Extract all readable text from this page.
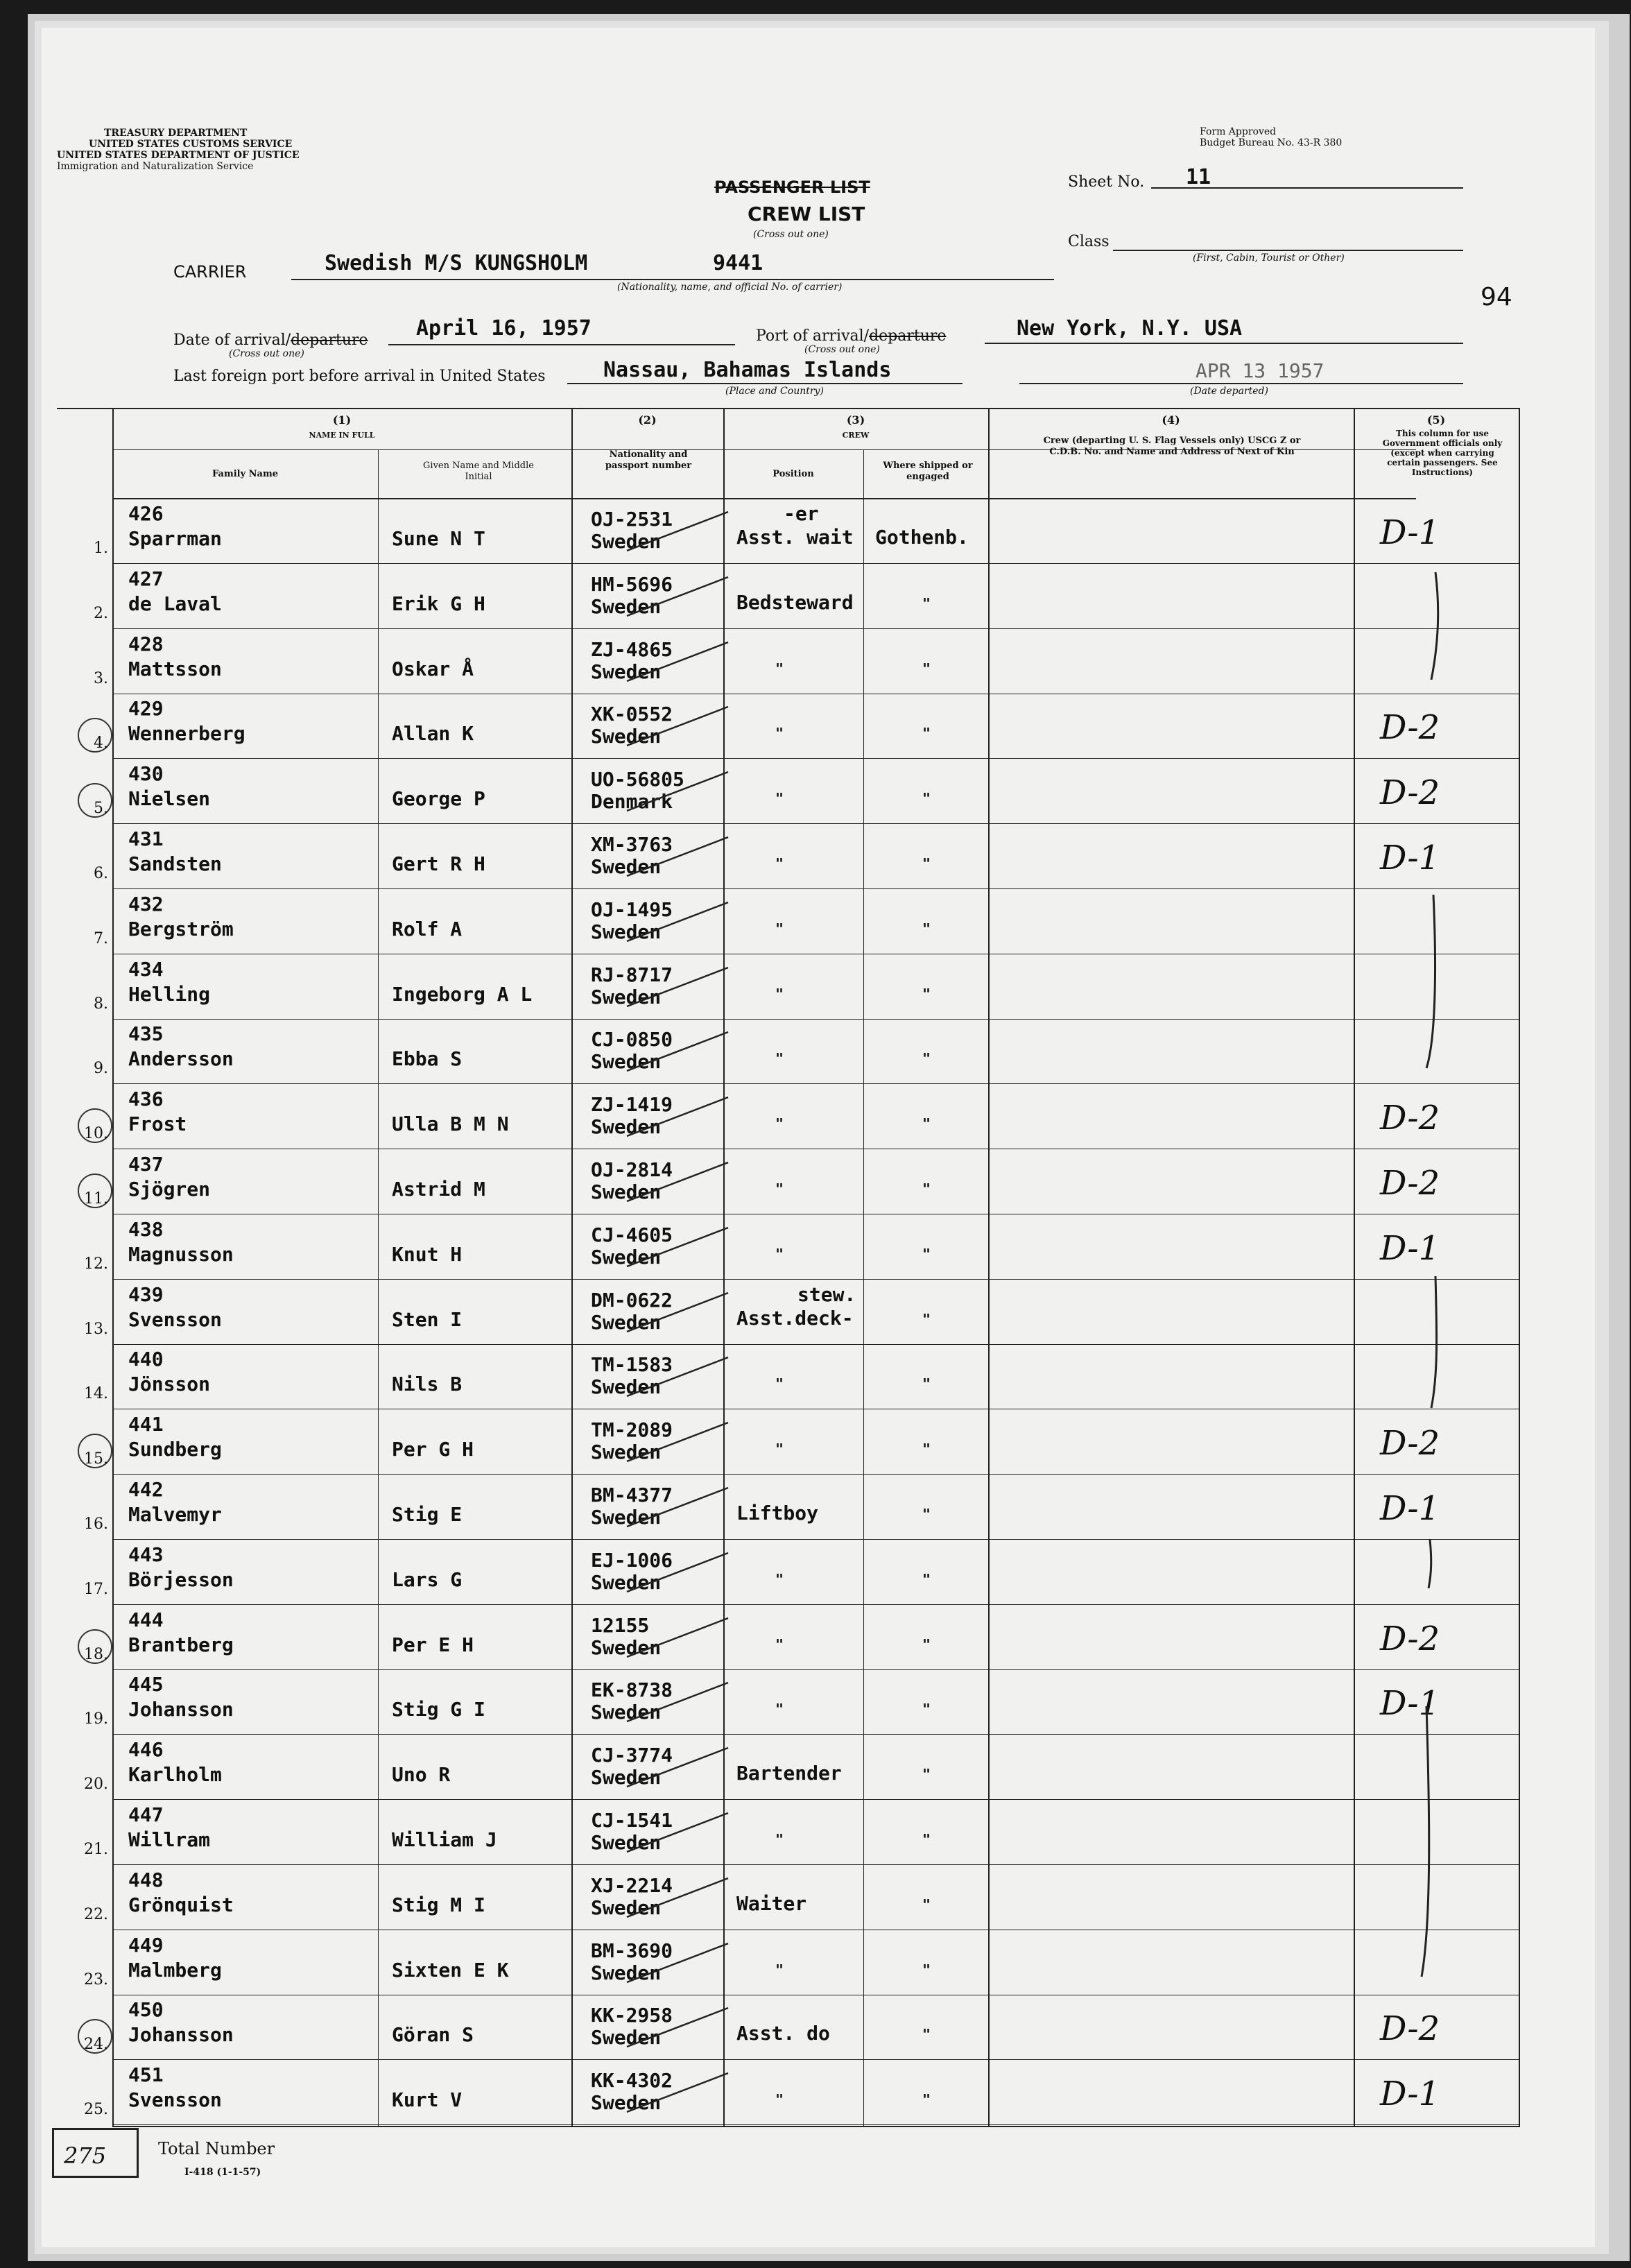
TREASURY DEPARTMENT
UNITED STATES CUSTOMS SERVICE
UNITED STATES DEPARTMENT OF JUSTICE
Immigration and Naturalization Service
Form Approved
Budget Bureau No. 43-R 380
PASSENGER LIST
CREW LIST
(Cross out one)
Sheet No. 11
Class
(First, Cabin, Tourist or Other)
94
CARRIER	Swedish M/S KUNGSHOLM	9441
(Nationality, name, and official No. of carrier)
Date of arrival/departure
(Cross out one)
April 16, 1957	Port of arrival/departure
(Cross out one)
New York, N.Y. USA
Last foreign port before arrival in United States	Nassau, Bahamas Islands
(Place and Country)
APR 13 1957
(Date departed)
(1)
NAME IN FULL
Family Name
Given Name and Middle Initial
(2)
Nationality and passport number
(3)
CREW
Position
Where shipped or engaged
(4)
Crew (departing U. S. Flag Vessels only) USCG Z or C.D.B. No. and Name and Address of Next of Kin
(5)
This column for use Government officials only (except when carrying certain passengers. See Instructions)
1.
426
Sparrman	Sune N T
OJ-2531
Sweden
-er
Asst. wait Gothenb.	D-1
2.
427
de Laval	Erik G H
HM-5696
Sweden	Bedsteward	"
3.
428
Mattsson	Oskar Å
ZJ-4865
Sweden	"	"
4.
429
Wennerberg	Allan K
XK-0552
Sweden	"	"	D-2
5.
430
Nielsen	George P
UO-56805
Denmark	"	"	D-2
6.
431
Sandsten	Gert R H
XM-3763
Sweden	"	"	D-1
7.
432
Bergström	Rolf A
OJ-1495
Sweden	"	"
8.
434
Helling	Ingeborg A L
RJ-8717
Sweden	"	"
9.
435
Andersson	Ebba S
CJ-0850
Sweden	"	"
10.
436
Frost	Ulla B M N
ZJ-1419
Sweden	"	"	D-2
11.
437
Sjögren	Astrid M
OJ-2814
Sweden	"	"	D-2
12.
438
Magnusson	Knut H
CJ-4605
Sweden	"	"	D-1
13.
439
Svensson	Sten I
DM-0622
Sweden
stew.
Asst.deck-	"
14.
440
Jönsson	Nils B
TM-1583
Sweden	"	"
15.
441
Sundberg	Per G H
TM-2089
Sweden	"	"	D-2
16.
442
Malvemyr	Stig E
BM-4377
Sweden	Liftboy	"	D-1
17.
443
Börjesson	Lars G
EJ-1006
Sweden	"	"
18.
444
Brantberg	Per E H
12155
Sweden	"	"	D-2
19.
445
Johansson	Stig G I
EK-8738
Sweden	"	"	D-1
20.
446
Karlholm	Uno R
CJ-3774
Sweden	Bartender	"
21.
447
Willram	William J
CJ-1541
Sweden	"	"
22.
448
Grönquist	Stig M I
XJ-2214
Sweden	Waiter	"
23.
449
Malmberg	Sixten E K
BM-3690
Sweden	"	"
24.
450
Johansson	Göran S
KK-2958
Sweden	Asst. do	"	D-2
25.
451
Svensson	Kurt V
KK-4302
Sweden	"	"	D-1
275	Total Number
I-418 (1-1-57)
